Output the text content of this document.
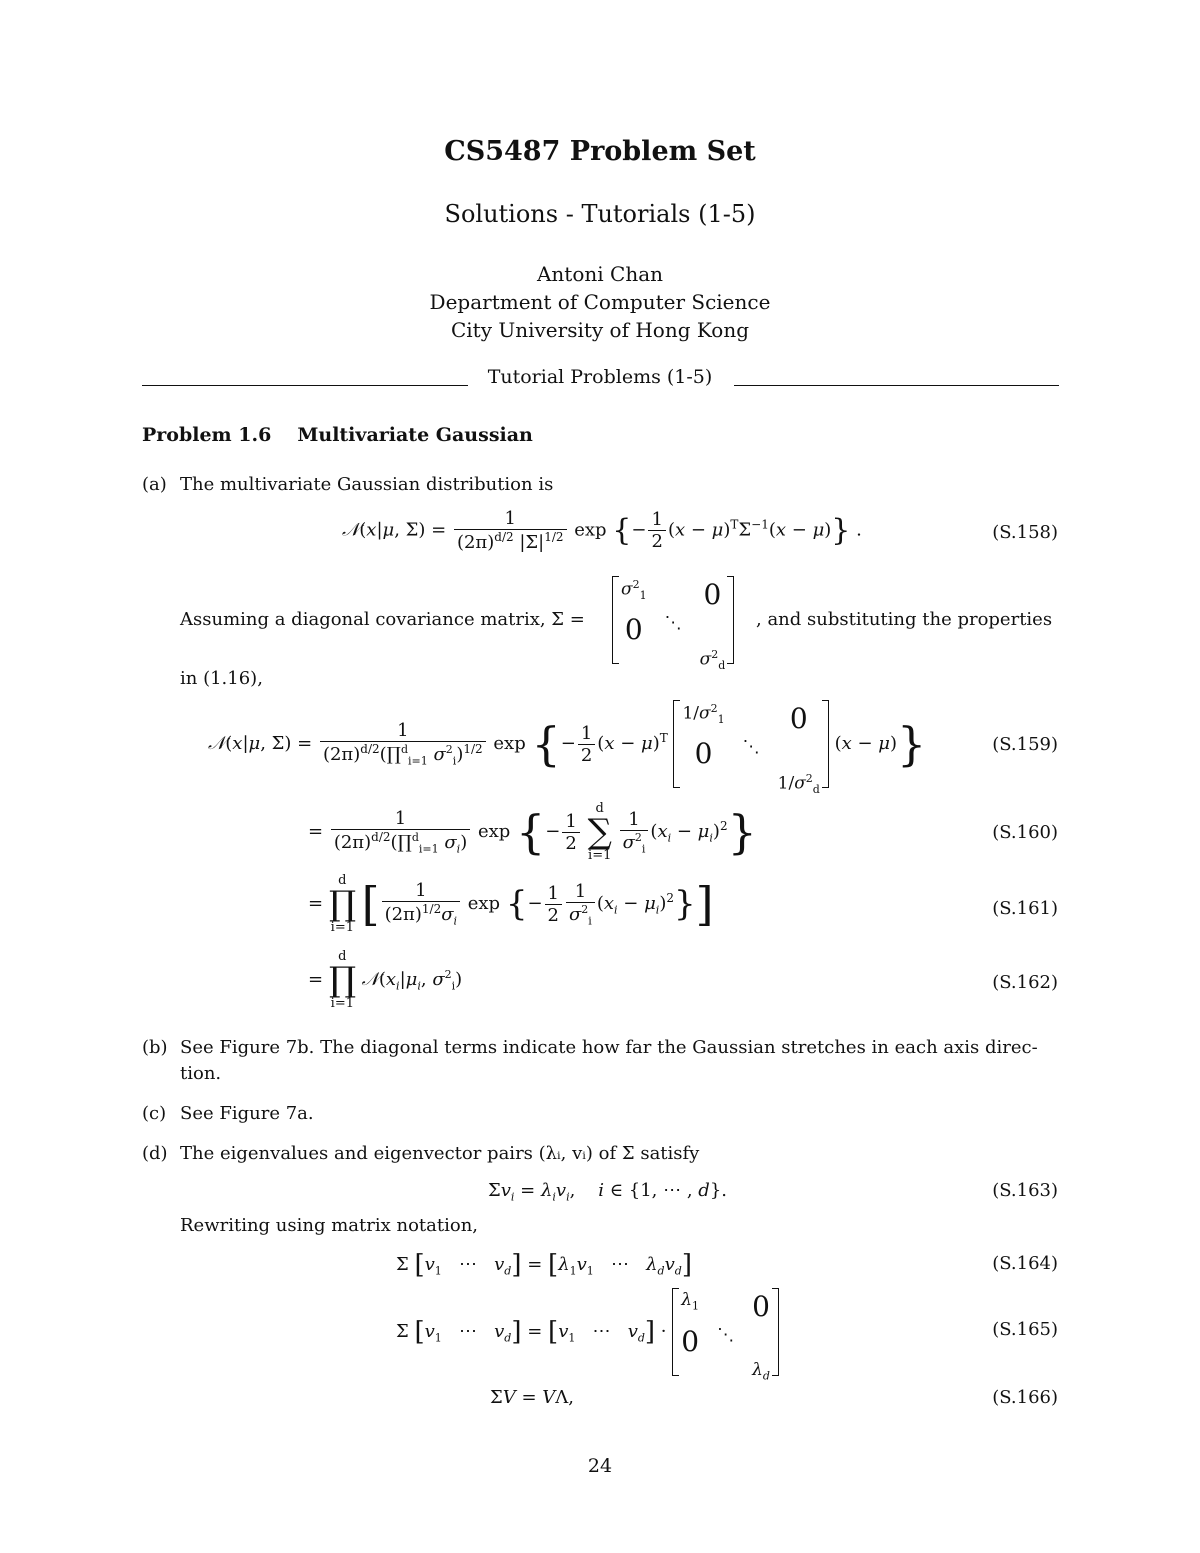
CS5487 Problem Set
Solutions - Tutorials (1-5)
Antoni Chan
Department of Computer Science
City University of Hong Kong
Tutorial Problems (1-5)
Problem 1.6 Multivariate Gaussian
(a) The multivariate Gaussian distribution is
𝒩(x|μ, $\Sigma) = \frac{1}{(2\pi)^{d/2} |\Sigma|^{1/2}}$ exp {− $\frac{1}{2} (x - \mu)^T\Sigma^{-1}(x - \mu)$} .	(S.158)
Assuming a diagonal covariance matrix, Σ =
$\sigma^2_1$ 0
0 ⋱
$\sigma^2_d$
, and substituting the properties
in (1.16),
𝒩(x|μ, $\Sigma) = \frac{1}{(2\pi)^{d/2}(\prod^d_{i=1} \sigma^2_i)^{1/2}}$ exp {− $\frac{1}{2} (x - \mu)^T$
$1/\sigma^2_1$	0
0	⋱
$1/\sigma^2_d$
(x − μ)}	(S.159)
= $\frac{1}{(2\pi)^{d/2}(\prod^d_{i=1} \sigma_i)}$ exp {− $\frac{1}{2}$

d
∑
i=1

$\frac{1}{\sigma^2_i} (x_i - \mu_i)^2$}	(S.160)
=
d
∏
i=1 [ $\frac{1}{(2\pi)^{1/2}\sigma_i}$ exp {− $\frac{1}{2} \frac{1}{\sigma^2_i} (x_i - \mu_i)^2$}]	(S.161)
=
d
∏
i=1
$𝒩(x_i|\mu_i$, $\sigma^2_i$)	(S.162)
(b) See Figure 7b. The diagonal terms indicate how far the Gaussian stretches in each axis direc-
tion.
(c) See Figure 7a.
(d) The eigenvalues and eigenvector pairs (λᵢ, vᵢ) of Σ satisfy
$\Sigma v_i = \lambda_iv_i$,    i ∈ {1, ⋯ , d}.	(S.163)
Rewriting using matrix notation,
Σ [$v_1$   ⋯   $v_d] = [\lambda_1v_1$   ⋯   $\lambda_dv_d$]	(S.164)
Σ [$v_1$   ⋯   $v_d] = [v_1$   ⋯   $v_d$] ·
$\lambda_1$ 0
0 ⋱
$\lambda_d$
(S.165)
ΣV = VΛ,	(S.166)
24
